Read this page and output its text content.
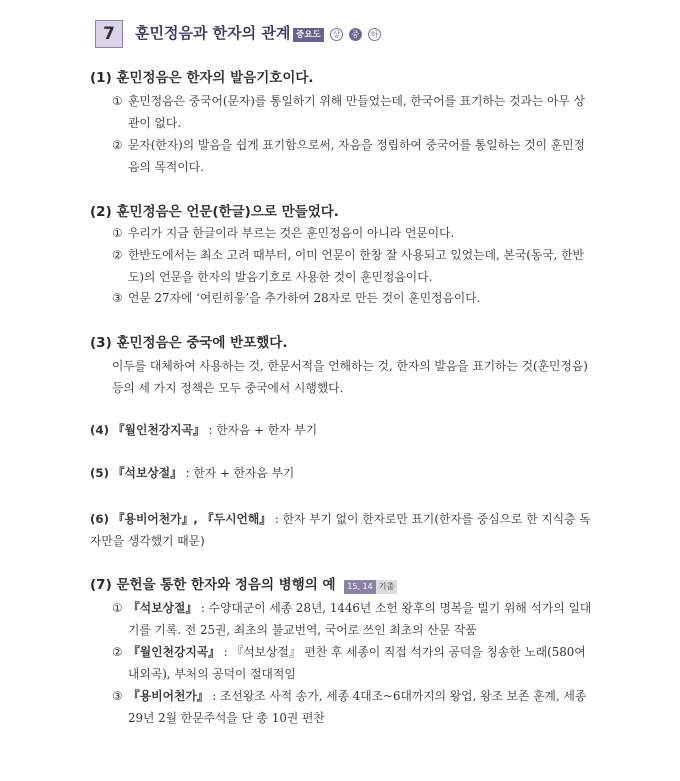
7	훈민정음과 한자의 관계 중요도 상 중 하
(1) 훈민정음은 한자의 발음기호이다.
① 훈민정음은 중국어(문자)를 통일하기 위해 만들었는데, 한국어를 표기하는 것과는 아무 상관이 없다.
② 문자(한자)의 발음을 쉽게 표기함으로써, 자음을 정립하여 중국어를 통일하는 것이 훈민정음의 목적이다.
(2) 훈민정음은 언문(한글)으로 만들었다.
① 우리가 지금 한글이라 부르는 것은 훈민정음이 아니라 언문이다.
② 한반도에서는 최소 고려 때부터, 이미 언문이 한창 잘 사용되고 있었는데, 본국(동국, 한반도)의 언문을 한자의 발음기호로 사용한 것이 훈민정음이다.
③ 언문 27자에 ‘여린히읗’을 추가하여 28자로 만든 것이 훈민정음이다.
(3) 훈민정음은 중국에 반포했다.
이두를 대체하여 사용하는 것, 한문서적을 언해하는 것, 한자의 발음을 표기하는 것(훈민정음) 등의 세 가지 정책은 모두 중국에서 시행했다.
(4) 『월인천강지곡』 : 한자음 + 한자 부기
(5) 『석보상절』 : 한자 + 한자음 부기
(6) 『용비어천가』, 『두시언해』 : 한자 부기 없이 한자로만 표기(한자를 중심으로 한 지식층 독자만을 생각했기 때문)
(7) 문헌을 통한 한자와 정음의 병행의 예 15, 14 기출
① 『석보상절』 : 수양대군이 세종 28년, 1446년 소헌 왕후의 명복을 빌기 위해 석가의 일대기를 기록. 전 25권, 최초의 불교번역, 국어로 쓰인 최초의 산문 작품
② 『월인천강지곡』 : 『석보상절』 편찬 후 세종이 직접 석가의 공덕을 칭송한 노래(580여 내외곡), 부처의 공덕이 절대적임
③ 『용비어천가』 : 조선왕조 사적 송가, 세종 4대조~6대까지의 왕업, 왕조 보존 훈계, 세종 29년 2월 한문주석을 단 총 10권 편찬
